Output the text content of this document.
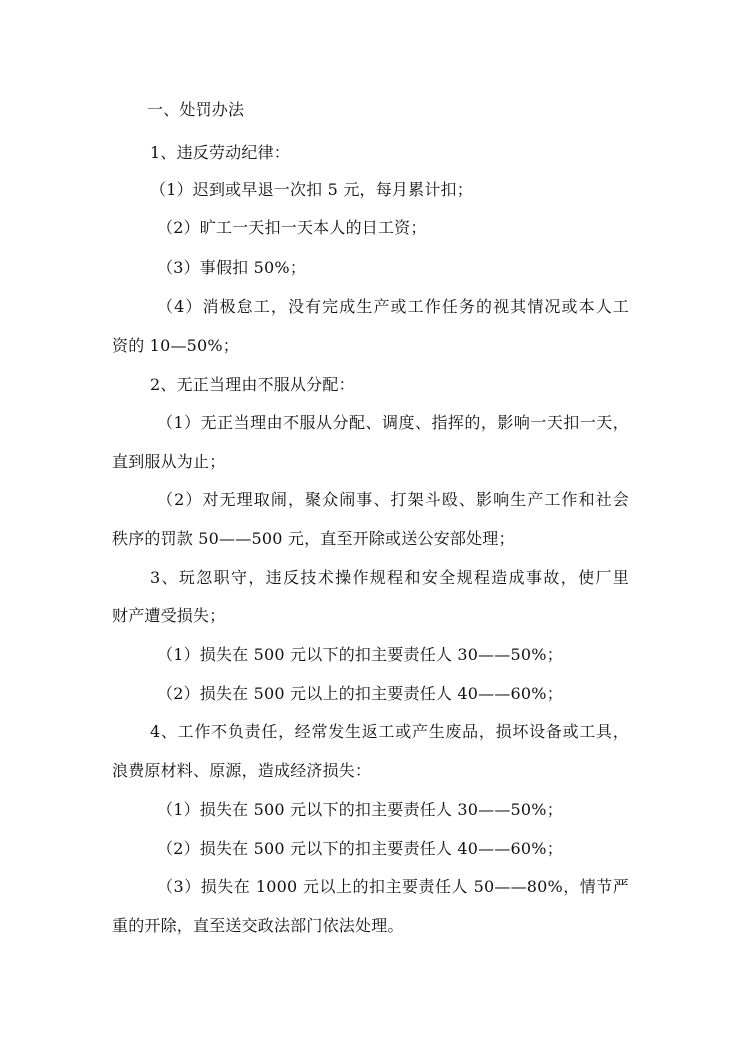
一、处罚办法
1、违反劳动纪律：
（1）迟到或早退一次扣 5 元，每月累计扣；
（2）旷工一天扣一天本人的日工资；
（3）事假扣 50%；
（4）消极怠工，没有完成生产或工作任务的视其情况或本人工
资的 10—50%；
2、无正当理由不服从分配：
（1）无正当理由不服从分配、调度、指挥的，影响一天扣一天，
直到服从为止；
（2）对无理取闹，聚众闹事、打架斗殴、影响生产工作和社会
秩序的罚款 50——500 元，直至开除或送公安部处理；
3、玩忽职守，违反技术操作规程和安全规程造成事故，使厂里
财产遭受损失；
（1）损失在 500 元以下的扣主要责任人 30——50%；
（2）损失在 500 元以上的扣主要责任人 40——60%；
4、工作不负责任，经常发生返工或产生废品，损坏设备或工具，
浪费原材料、原源，造成经济损失：
（1）损失在 500 元以下的扣主要责任人 30——50%；
（2）损失在 500 元以下的扣主要责任人 40——60%；
（3）损失在 1000 元以上的扣主要责任人 50——80%，情节严
重的开除，直至送交政法部门依法处理。
